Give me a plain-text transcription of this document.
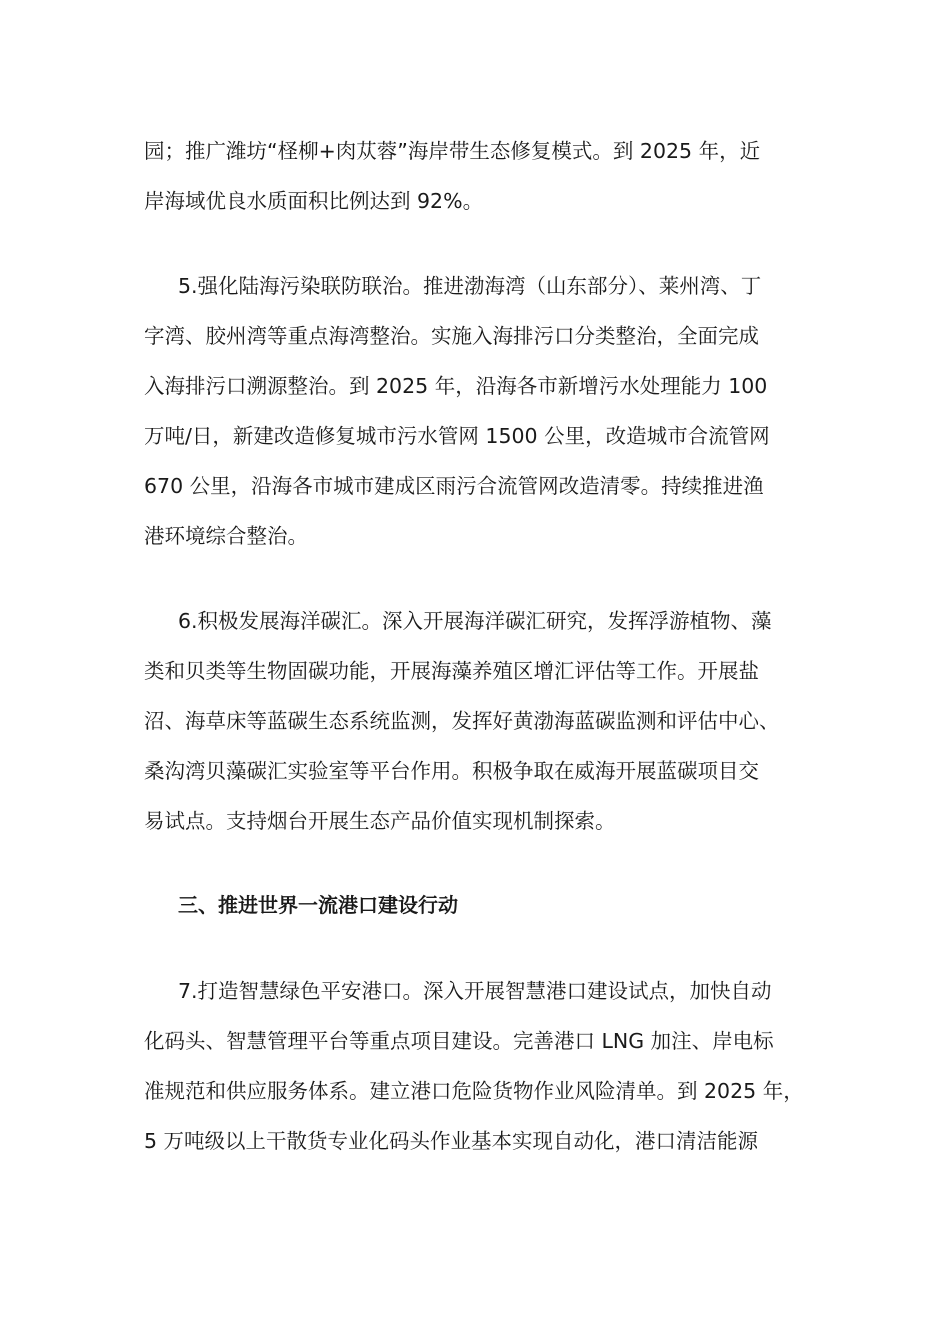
园；推广潍坊“柽柳+肉苁蓉”海岸带生态修复模式。到 2025 年，近
岸海域优良水质面积比例达到 92%。
5.强化陆海污染联防联治。推进渤海湾（山东部分）、莱州湾、丁
字湾、胶州湾等重点海湾整治。实施入海排污口分类整治，全面完成
入海排污口溯源整治。到 2025 年，沿海各市新增污水处理能力 100
万吨/日，新建改造修复城市污水管网 1500 公里，改造城市合流管网
670 公里，沿海各市城市建成区雨污合流管网改造清零。持续推进渔
港环境综合整治。
6.积极发展海洋碳汇。深入开展海洋碳汇研究，发挥浮游植物、藻
类和贝类等生物固碳功能，开展海藻养殖区增汇评估等工作。开展盐
沼、海草床等蓝碳生态系统监测，发挥好黄渤海蓝碳监测和评估中心、
桑沟湾贝藻碳汇实验室等平台作用。积极争取在威海开展蓝碳项目交
易试点。支持烟台开展生态产品价值实现机制探索。
三、推进世界一流港口建设行动
7.打造智慧绿色平安港口。深入开展智慧港口建设试点，加快自动
化码头、智慧管理平台等重点项目建设。完善港口 LNG 加注、岸电标
准规范和供应服务体系。建立港口危险货物作业风险清单。到 2025 年，
5 万吨级以上干散货专业化码头作业基本实现自动化，港口清洁能源
